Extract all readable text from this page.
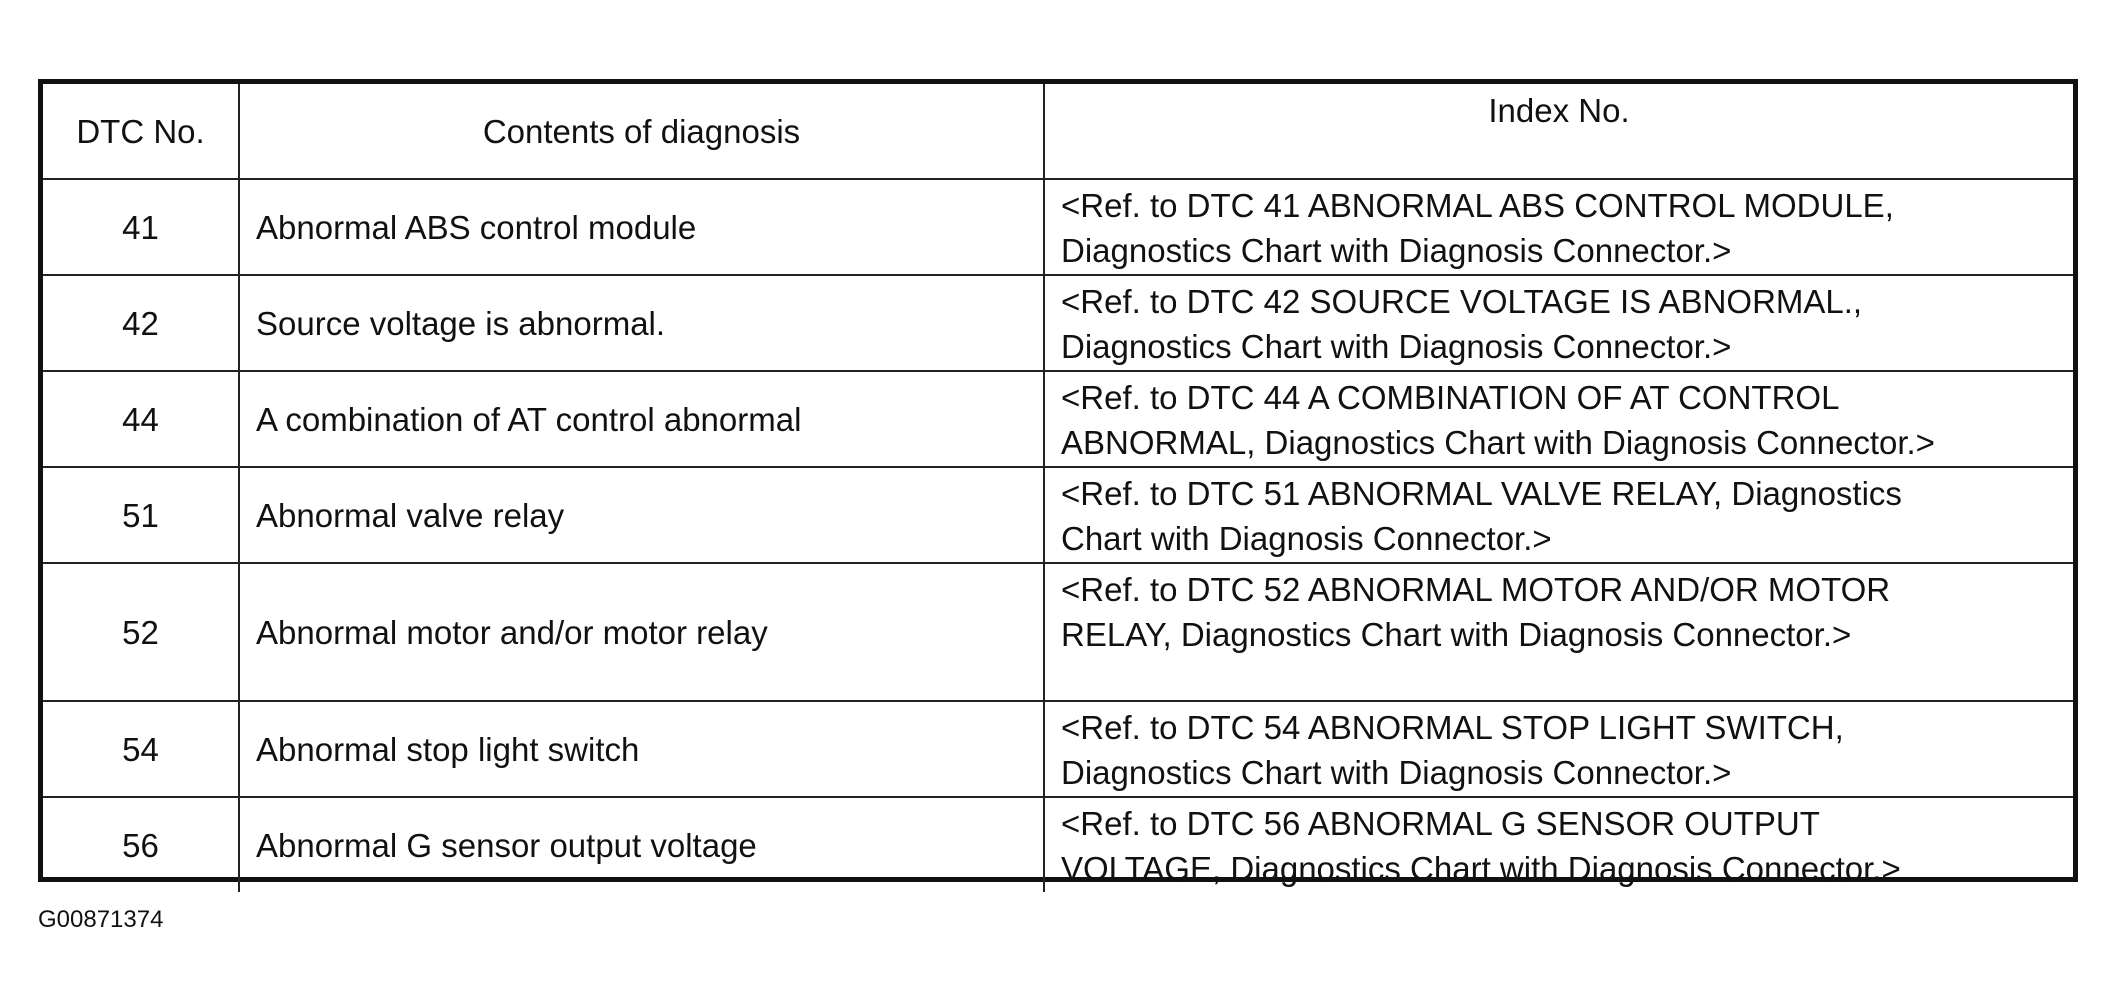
DTC No.	Contents of diagnosis	Index No.
41	Abnormal ABS control module	<Ref. to DTC 41 ABNORMAL ABS CONTROL MODULE,
Diagnostics Chart with Diagnosis Connector.>

42	Source voltage is abnormal.	<Ref. to DTC 42 SOURCE VOLTAGE IS ABNORMAL.,
Diagnostics Chart with Diagnosis Connector.>

44	A combination of AT control abnormal	<Ref. to DTC 44 A COMBINATION OF AT CONTROL
ABNORMAL, Diagnostics Chart with Diagnosis Connector.>

51	Abnormal valve relay	<Ref. to DTC 51 ABNORMAL VALVE RELAY, Diagnostics
Chart with Diagnosis Connector.>

52	Abnormal motor and/or motor relay	<Ref. to DTC 52 ABNORMAL MOTOR AND/OR MOTOR
RELAY, Diagnostics Chart with Diagnosis Connector.>

54	Abnormal stop light switch	<Ref. to DTC 54 ABNORMAL STOP LIGHT SWITCH,
Diagnostics Chart with Diagnosis Connector.>

56	Abnormal G sensor output voltage	<Ref. to DTC 56 ABNORMAL G SENSOR OUTPUT
VOLTAGE, Diagnostics Chart with Diagnosis Connector.>
G00871374
